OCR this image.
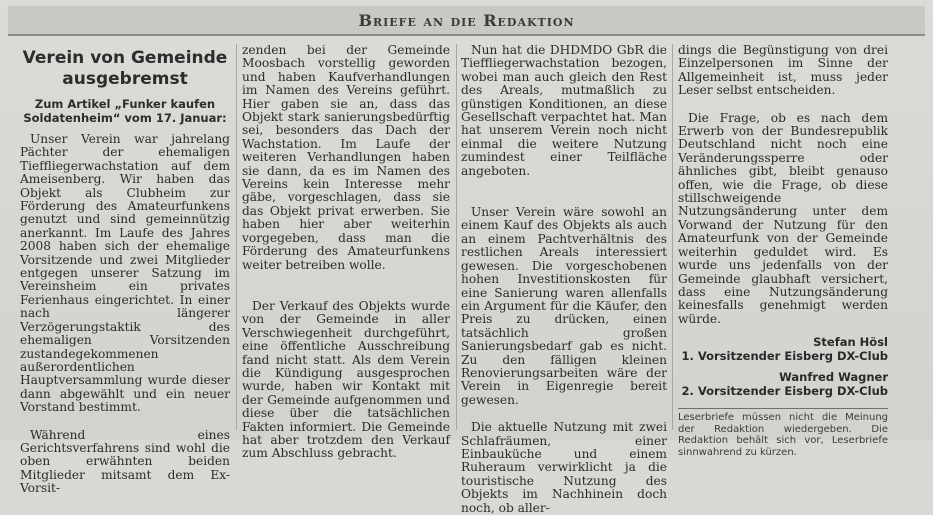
Briefe an die Redaktion
Verein von Gemeinde ausgebremst
Zum Artikel „Funker kaufen Soldatenheim“ vom 17. Januar:

Unser Verein war jahrelang Pächter der ehemaligen Tieffliegerwachstation auf dem Ameisenberg. Wir haben das Objekt als Clubheim zur Förderung des Amateurfunkens genutzt und sind gemeinnützig anerkannt. Im Laufe des Jahres 2008 haben sich der ehemalige Vorsitzende und zwei Mitglieder entgegen unserer Satzung im Vereinsheim ein privates Ferienhaus eingerichtet. In einer nach längerer Verzögerungstaktik des ehemaligen Vorsitzenden zustandegekommenen außerordentlichen Hauptversammlung wurde dieser dann abgewählt und ein neuer Vorstand bestimmt.

Während eines Gerichtsverfahrens sind wohl die oben erwähnten beiden Mitglieder mitsamt dem Ex-Vorsit-

zenden bei der Gemeinde Moosbach vorstellig geworden und haben Kaufverhandlungen im Namen des Vereins geführt. Hier gaben sie an, dass das Objekt stark sanierungsbedürftig sei, besonders das Dach der Wachstation. Im Laufe der weiteren Verhandlungen haben sie dann, da es im Namen des Vereins kein Interesse mehr gäbe, vorgeschlagen, dass sie das Objekt privat erwerben. Sie haben hier aber weiterhin vorgegeben, dass man die Förderung des Amateurfunkens weiter betreiben wolle.

Der Verkauf des Objekts wurde von der Gemeinde in aller Verschwiegenheit durchgeführt, eine öffentliche Ausschreibung fand nicht statt. Als dem Verein die Kündigung ausgesprochen wurde, haben wir Kontakt mit der Gemeinde aufgenommen und diese über die tatsächlichen Fakten informiert. Die Gemeinde hat aber trotzdem den Verkauf zum Abschluss gebracht.

Nun hat die DHDMDO GbR die Tieffliegerwachstation bezogen, wobei man auch gleich den Rest des Areals, mutmaßlich zu günstigen Konditionen, an diese Gesellschaft verpachtet hat. Man hat unserem Verein noch nicht einmal die weitere Nutzung zumindest einer Teilfläche angeboten.

Unser Verein wäre sowohl an einem Kauf des Objekts als auch an einem Pachtverhältnis des restlichen Areals interessiert gewesen. Die vorgeschobenen hohen Investitionskosten für eine Sanierung waren allenfalls ein Argument für die Käufer, den Preis zu drücken, einen tatsächlich großen Sanierungsbedarf gab es nicht. Zu den fälligen kleinen Renovierungsarbeiten wäre der Verein in Eigenregie bereit gewesen.

Die aktuelle Nutzung mit zwei Schlafräumen, einer Einbauküche und einem Ruheraum verwirklicht ja die touristische Nutzung des Objekts im Nachhinein doch noch, ob aller-

dings die Begünstigung von drei Einzelpersonen im Sinne der Allgemeinheit ist, muss jeder Leser selbst entscheiden.

Die Frage, ob es nach dem Erwerb von der Bundesrepublik Deutschland nicht noch eine Veränderungssperre oder ähnliches gibt, bleibt genauso offen, wie die Frage, ob diese stillschweigende Nutzungsänderung unter dem Vorwand der Nutzung für den Amateurfunk von der Gemeinde weiterhin geduldet wird. Es wurde uns jedenfalls von der Gemeinde glaubhaft versichert, dass eine Nutzungsänderung keinesfalls genehmigt werden würde.

Stefan Hösl
1. Vorsitzender Eisberg DX-Club
Wanfred Wagner
2. Vorsitzender Eisberg DX-Club
Leserbriefe müssen nicht die Meinung der Redaktion wiedergeben. Die Redaktion behält sich vor, Leserbriefe sinnwahrend zu kürzen.
